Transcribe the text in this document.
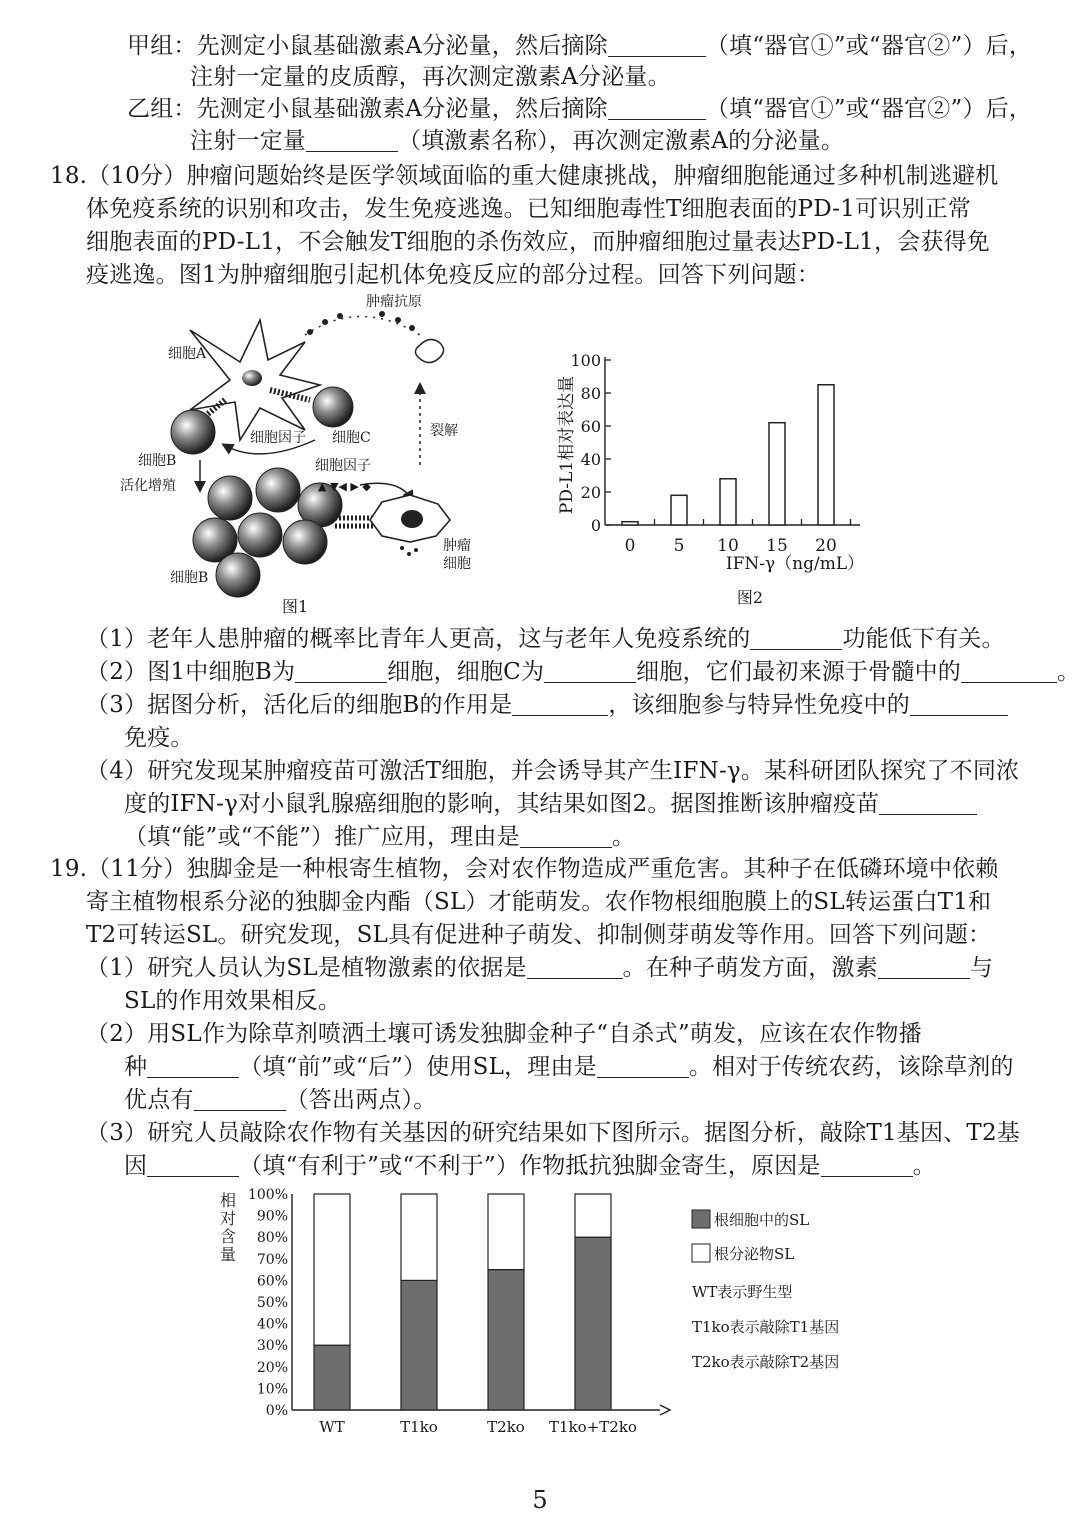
甲组：先测定小鼠基础激素A分泌量，然后摘除	（填“器官①”或“器官②”）后，
注射一定量的皮质醇，再次测定激素A分泌量。
乙组：先测定小鼠基础激素A分泌量，然后摘除	（填“器官①”或“器官②”）后，
注射一定量	（填激素名称），再次测定激素A的分泌量。
18.（10分）肿瘤问题始终是医学领域面临的重大健康挑战，肿瘤细胞能通过多种机制逃避机
体免疫系统的识别和攻击，发生免疫逃逸。已知细胞毒性T细胞表面的PD-1可识别正常
细胞表面的PD-L1，不会触发T细胞的杀伤效应，而肿瘤细胞过量表达PD-L1，会获得免
疫逃逸。图1为肿瘤细胞引起机体免疫反应的部分过程。回答下列问题：
肿瘤抗原
细胞A
细胞B
细胞因子 细胞C	裂解
活化增殖
细胞B
细胞因子
▲ ▼◀ ▶ ◆
肿瘤
细胞
图1
PD-L1相对表达量
0
20
40
60
80
100
0 5 10 15 20
IFN-γ（ng/mL）
图2
（1）老年人患肿瘤的概率比青年人更高，这与老年人免疫系统的	功能低下有关。
（2）图1中细胞B为	细胞，细胞C为	细胞，它们最初来源于骨髓中的	。
（3）据图分析，活化后的细胞B的作用是	，该细胞参与特异性免疫中的
免疫。
（4）研究发现某肿瘤疫苗可激活T细胞，并会诱导其产生IFN-γ。某科研团队探究了不同浓
度的IFN-γ对小鼠乳腺癌细胞的影响，其结果如图2。据图推断该肿瘤疫苗
（填“能”或“不能”）推广应用，理由是	。
19.（11分）独脚金是一种根寄生植物，会对农作物造成严重危害。其种子在低磷环境中依赖
寄主植物根系分泌的独脚金内酯（SL）才能萌发。农作物根细胞膜上的SL转运蛋白T1和
T2可转运SL。研究发现，SL具有促进种子萌发、抑制侧芽萌发等作用。回答下列问题：
（1）研究人员认为SL是植物激素的依据是	。在种子萌发方面，激素	与
SL的作用效果相反。
（2）用SL作为除草剂喷洒土壤可诱发独脚金种子“自杀式”萌发，应该在农作物播
种	（填“前”或“后”）使用SL，理由是	。相对于传统农药，该除草剂的
优点有	（答出两点）。
（3）研究人员敲除农作物有关基因的研究结果如下图所示。据图分析，敲除T1基因、T2基
因	（填“有利于”或“不利于”）作物抵抗独脚金寄生，原因是	。
相
对
含
量
0%
10%
20%
30%
40%
50%
60%
70%
80%
90%
100%
WT	T1ko	T2ko T1ko+T2ko
根细胞中的SL
根分泌物SL
WT表示野生型
T1ko表示敲除T1基因
T2ko表示敲除T2基因
5
